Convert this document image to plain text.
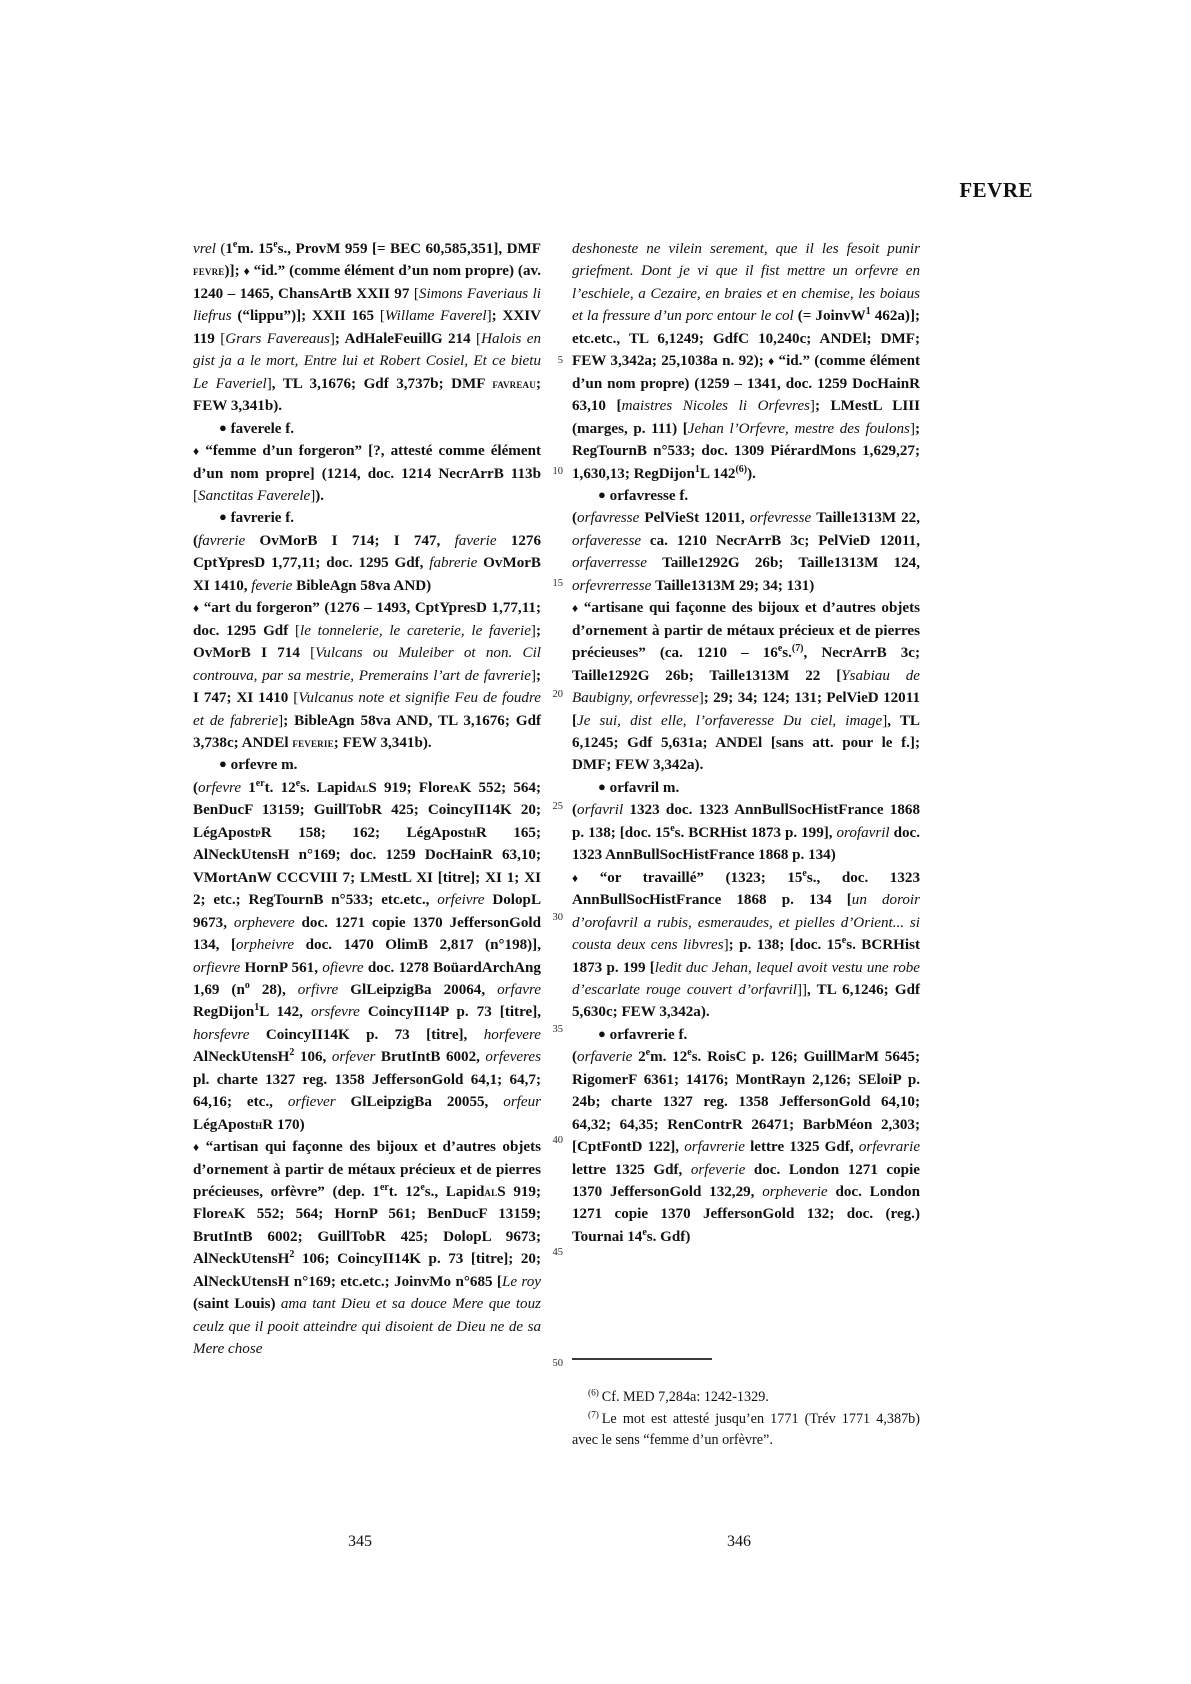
FEVRE

vrel (1em. 15es., ProvM 959 [= BEC 60,585,351], DMF fevre)]; ♦ “id.” (comme élément d’un nom propre) (av. 1240 – 1465, ChansArtB XXII 97 [Simons Faveriaus li liefrus (“lippu”)]; XXII 165 [Willame Faverel]; XXIV 119 [Grars Favereaus]; AdHaleFeuillG 214 [Halois en gist ja a le mort, Entre lui et Robert Cosiel, Et ce bietu Le Faveriel], TL 3,1676; Gdf 3,737b; DMF favreau; FEW 3,341b).

● faverele f.

♦ “femme d’un forgeron” [?, attesté comme élément d’un nom propre] (1214, doc. 1214 NecrArrB 113b [Sanctitas Faverele]).

● favrerie f.

(favrerie OvMorB I 714; I 747, faverie 1276 CptYpresD 1,77,11; doc. 1295 Gdf, fabrerie OvMorB XI 1410, feverie BibleAgn 58va AND)

♦ “art du forgeron” (1276 – 1493, CptYpresD 1,77,11; doc. 1295 Gdf [le tonnelerie, le careterie, le faverie]; OvMorB I 714 [Vulcans ou Muleiber ot non. Cil controuva, par sa mestrie, Premerains l’art de favrerie]; I 747; XI 1410 [Vulcanus note et signifie Feu de foudre et de fabrerie]; BibleAgn 58va AND, TL 3,1676; Gdf 3,738c; ANDEl feverie; FEW 3,341b).

● orfevre m.

(orfevre 1ert. 12es. LapidalS 919; FloreaK 552; 564; BenDucF 13159; GuillTobR 425; CoincyII14K 20; LégApostpR 158; 162; LégAposthR 165; AlNeckUtensH n°169; doc. 1259 DocHainR 63,10; VMortAnW CCCVIII 7; LMestL XI [titre]; XI 1; XI 2; etc.; RegTournB n°533; etc.etc., orfeivre DolopL 9673, orphevere doc. 1271 copie 1370 JeffersonGold 134, [orpheivre doc. 1470 OlimB 2,817 (n°198)], orfievre HornP 561, ofievre doc. 1278 BoüardArchAng 1,69 ($n^o$ 28), orfivre GlLeipzigBa 20064, orfavre RegDijon$^1$L 142, orsfevre CoincyII14P p. 73 [titre], horsfevre CoincyII14K p. 73 [titre], horfevere AlNeckUtensH$^2$ 106, orfever BrutIntB 6002, orfeveres pl. charte 1327 reg. 1358 JeffersonGold 64,1; 64,7; 64,16; etc., orfiever GlLeipzigBa 20055, orfeur LégAposthR 170)

♦ “artisan qui façonne des bijoux et d’autres objets d’ornement à partir de métaux précieux et de pierres précieuses, orfèvre” (dep. 1ert. 12es., LapidalS 919; FloreaK 552; 564; HornP 561; BenDucF 13159; BrutIntB 6002; GuillTobR 425; DolopL 9673; AlNeckUtensH$^2$ 106; CoincyII14K p. 73 [titre]; 20; AlNeckUtensH n°169; etc.etc.; JoinvMo n°685 [Le roy (saint Louis) ama tant Dieu et sa douce Mere que touz ceulz que il pooit atteindre qui disoient de Dieu ne de sa Mere chose

5
10
15
20
25
30
35
40
45
50

deshoneste ne vilein serement, que il les fesoit punir griefment. Dont je vi que il fist mettre un orfevre en l’eschiele, a Cezaire, en braies et en chemise, les boiaus et la fressure d’un porc entour le col (= JoinvW$^1$ 462a)]; etc.etc., TL 6,1249; GdfC 10,240c; ANDEl; DMF; FEW 3,342a; 25,1038a n. 92); ♦ “id.” (comme élément d’un nom propre) (1259 – 1341, doc. 1259 DocHainR 63,10 [maistres Nicoles li Orfevres]; LMestL LIII (marges, p. 111) [Jehan l’Orfevre, mestre des foulons]; RegTournB n°533; doc. 1309 PiérardMons 1,629,27; 1,630,13; RegDijon$^1$L 142$^{(6)}$).

● orfavresse f.

(orfavresse PelVieSt 12011, orfevresse Taille1313M 22, orfaveresse ca. 1210 NecrArrB 3c; PelVieD 12011, orfaverresse Taille1292G 26b; Taille1313M 124, orfevrerresse Taille1313M 29; 34; 131)

♦ “artisane qui façonne des bijoux et d’autres objets d’ornement à partir de métaux précieux et de pierres précieuses” (ca. 1210 – 16es.$^{(7)}$, NecrArrB 3c; Taille1292G 26b; Taille1313M 22 [Ysabiau de Baubigny, orfevresse]; 29; 34; 124; 131; PelVieD 12011 [Je sui, dist elle, l’orfaveresse Du ciel, image], TL 6,1245; Gdf 5,631a; ANDEl [sans att. pour le f.]; DMF; FEW 3,342a).

● orfavril m.

(orfavril 1323 doc. 1323 AnnBullSocHistFrance 1868 p. 138; [doc. 15es. BCRHist 1873 p. 199], orofavril doc. 1323 AnnBullSocHistFrance 1868 p. 134)

♦ “or travaillé” (1323; 15es., doc. 1323 AnnBullSocHistFrance 1868 p. 134 [un doroir d’orofavril a rubis, esmeraudes, et pielles d’Orient... si cousta deux cens libvres]; p. 138; [doc. 15es. BCRHist 1873 p. 199 [ledit duc Jehan, lequel avoit vestu une robe d’escarlate rouge couvert d’orfavril]], TL 6,1246; Gdf 5,630c; FEW 3,342a).

● orfavrerie f.

(orfaverie 2em. 12es. RoisC p. 126; GuillMarM 5645; RigomerF 6361; 14176; MontRayn 2,126; SEloiP p. 24b; charte 1327 reg. 1358 JeffersonGold 64,10; 64,32; 64,35; RenContrR 26471; BarbMéon 2,303; [CptFontD 122], orfavrerie lettre 1325 Gdf, orfevrarie lettre 1325 Gdf, orfeverie doc. London 1271 copie 1370 JeffersonGold 132,29, orpheverie doc. London 1271 copie 1370 JeffersonGold 132; doc. (reg.) Tournai 14es. Gdf)

$^{(6)}$ Cf. MED 7,284a: 1242-1329.

$^{(7)}$ Le mot est attesté jusqu’en 1771 (Trév 1771 4,387b) avec le sens “femme d’un orfèvre”.

345	346
